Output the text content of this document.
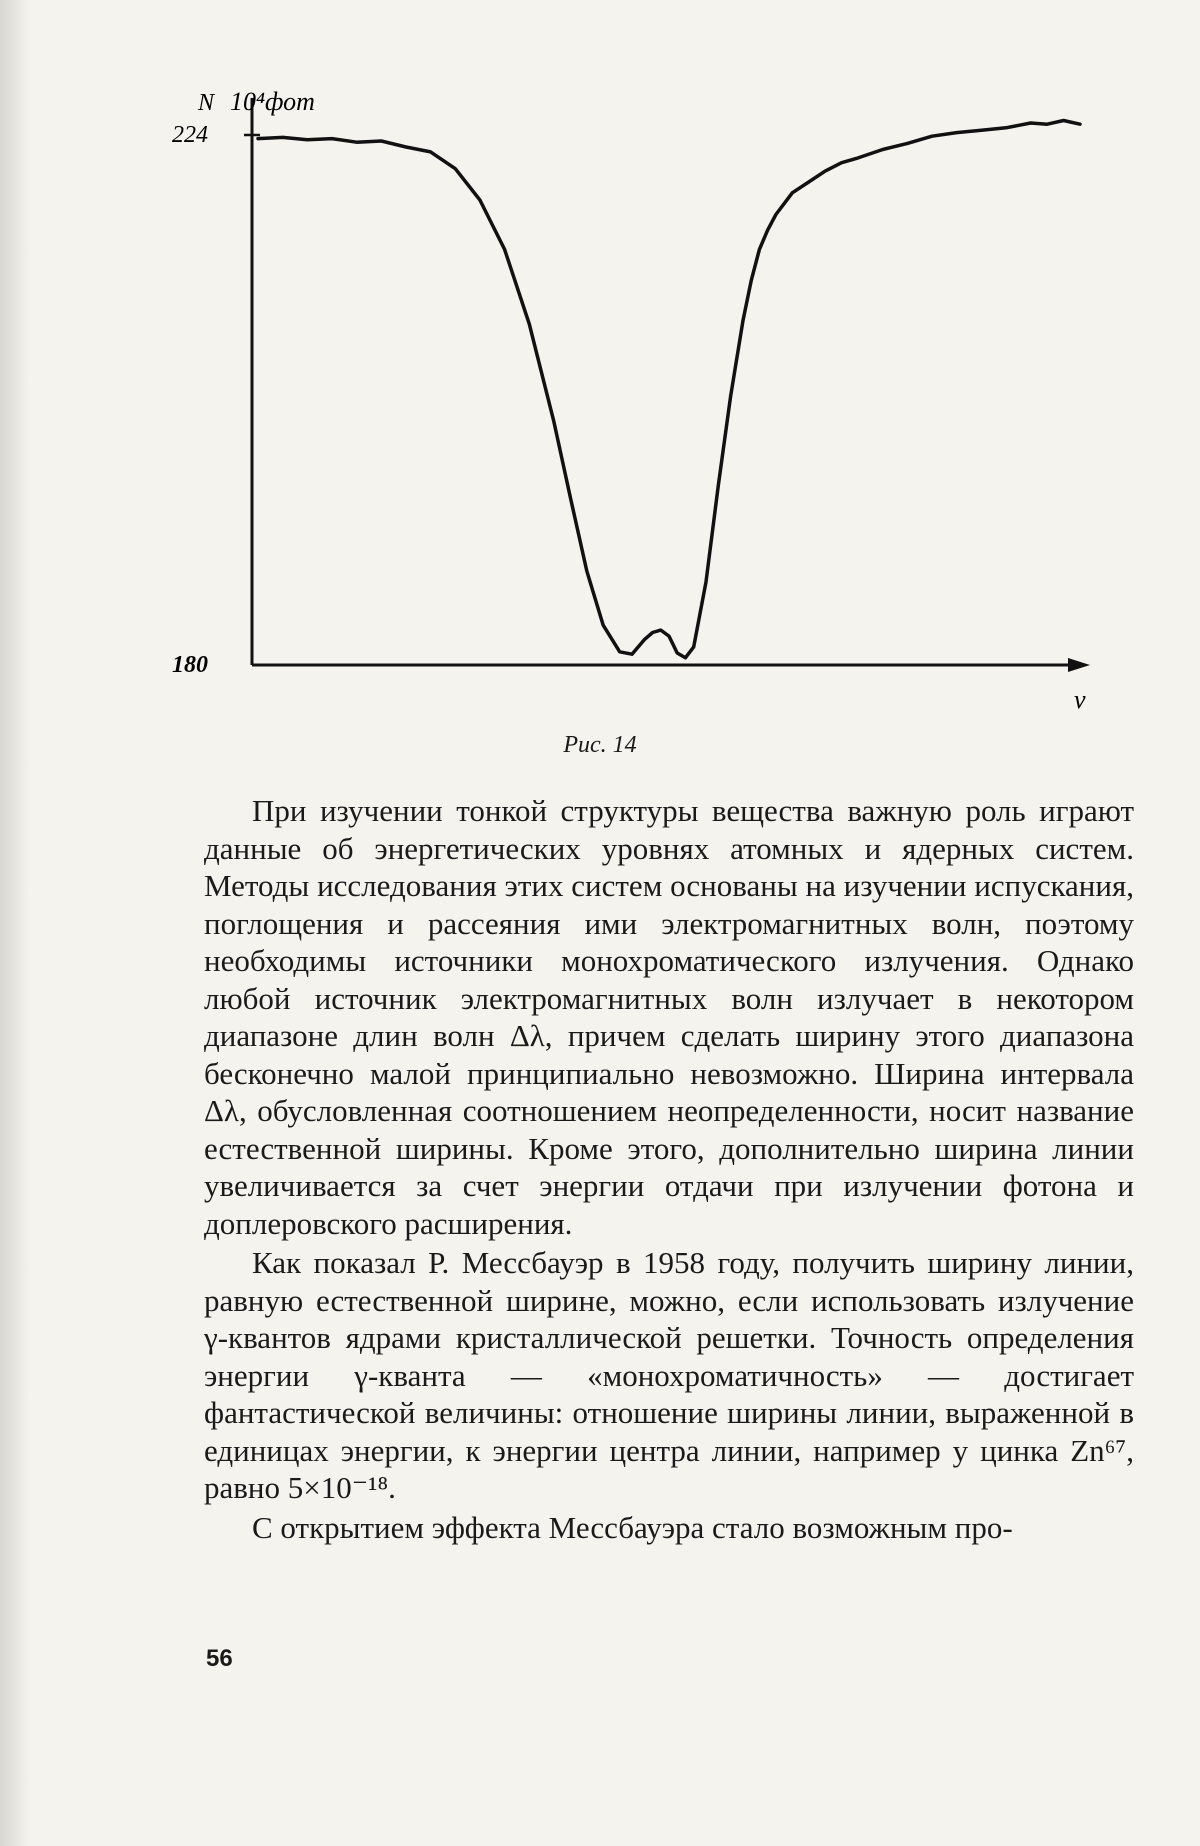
N 10⁴фот
224
180
v
Рис. 14

При изучении тонкой структуры вещества важную роль играют данные об энергетических уровнях атомных и ядерных систем. Методы исследования этих систем основаны на изучении испускания, поглощения и рассеяния ими электромагнитных волн, поэтому необходимы источники монохроматического излучения. Однако любой источник электромагнитных волн излучает в некотором диапазоне длин волн Δλ, причем сделать ширину этого диапазона бесконечно малой принципиально невозможно. Ширина интервала Δλ, обусловленная соотношением неопределенности, носит название естественной ширины. Кроме этого, дополнительно ширина линии увеличивается за счет энергии отдачи при излучении фотона и доплеровского расширения.

Как показал Р. Мессбауэр в 1958 году, получить ширину линии, равную естественной ширине, можно, если использовать излучение γ-квантов ядрами кристаллической решетки. Точность определения энергии γ-кванта — «монохроматичность» — достигает фантастической величины: отношение ширины линии, выраженной в единицах энергии, к энергии центра линии, например у цинка Zn⁶⁷, равно 5×10⁻¹⁸.

С открытием эффекта Мессбауэра стало возможным про-

56
